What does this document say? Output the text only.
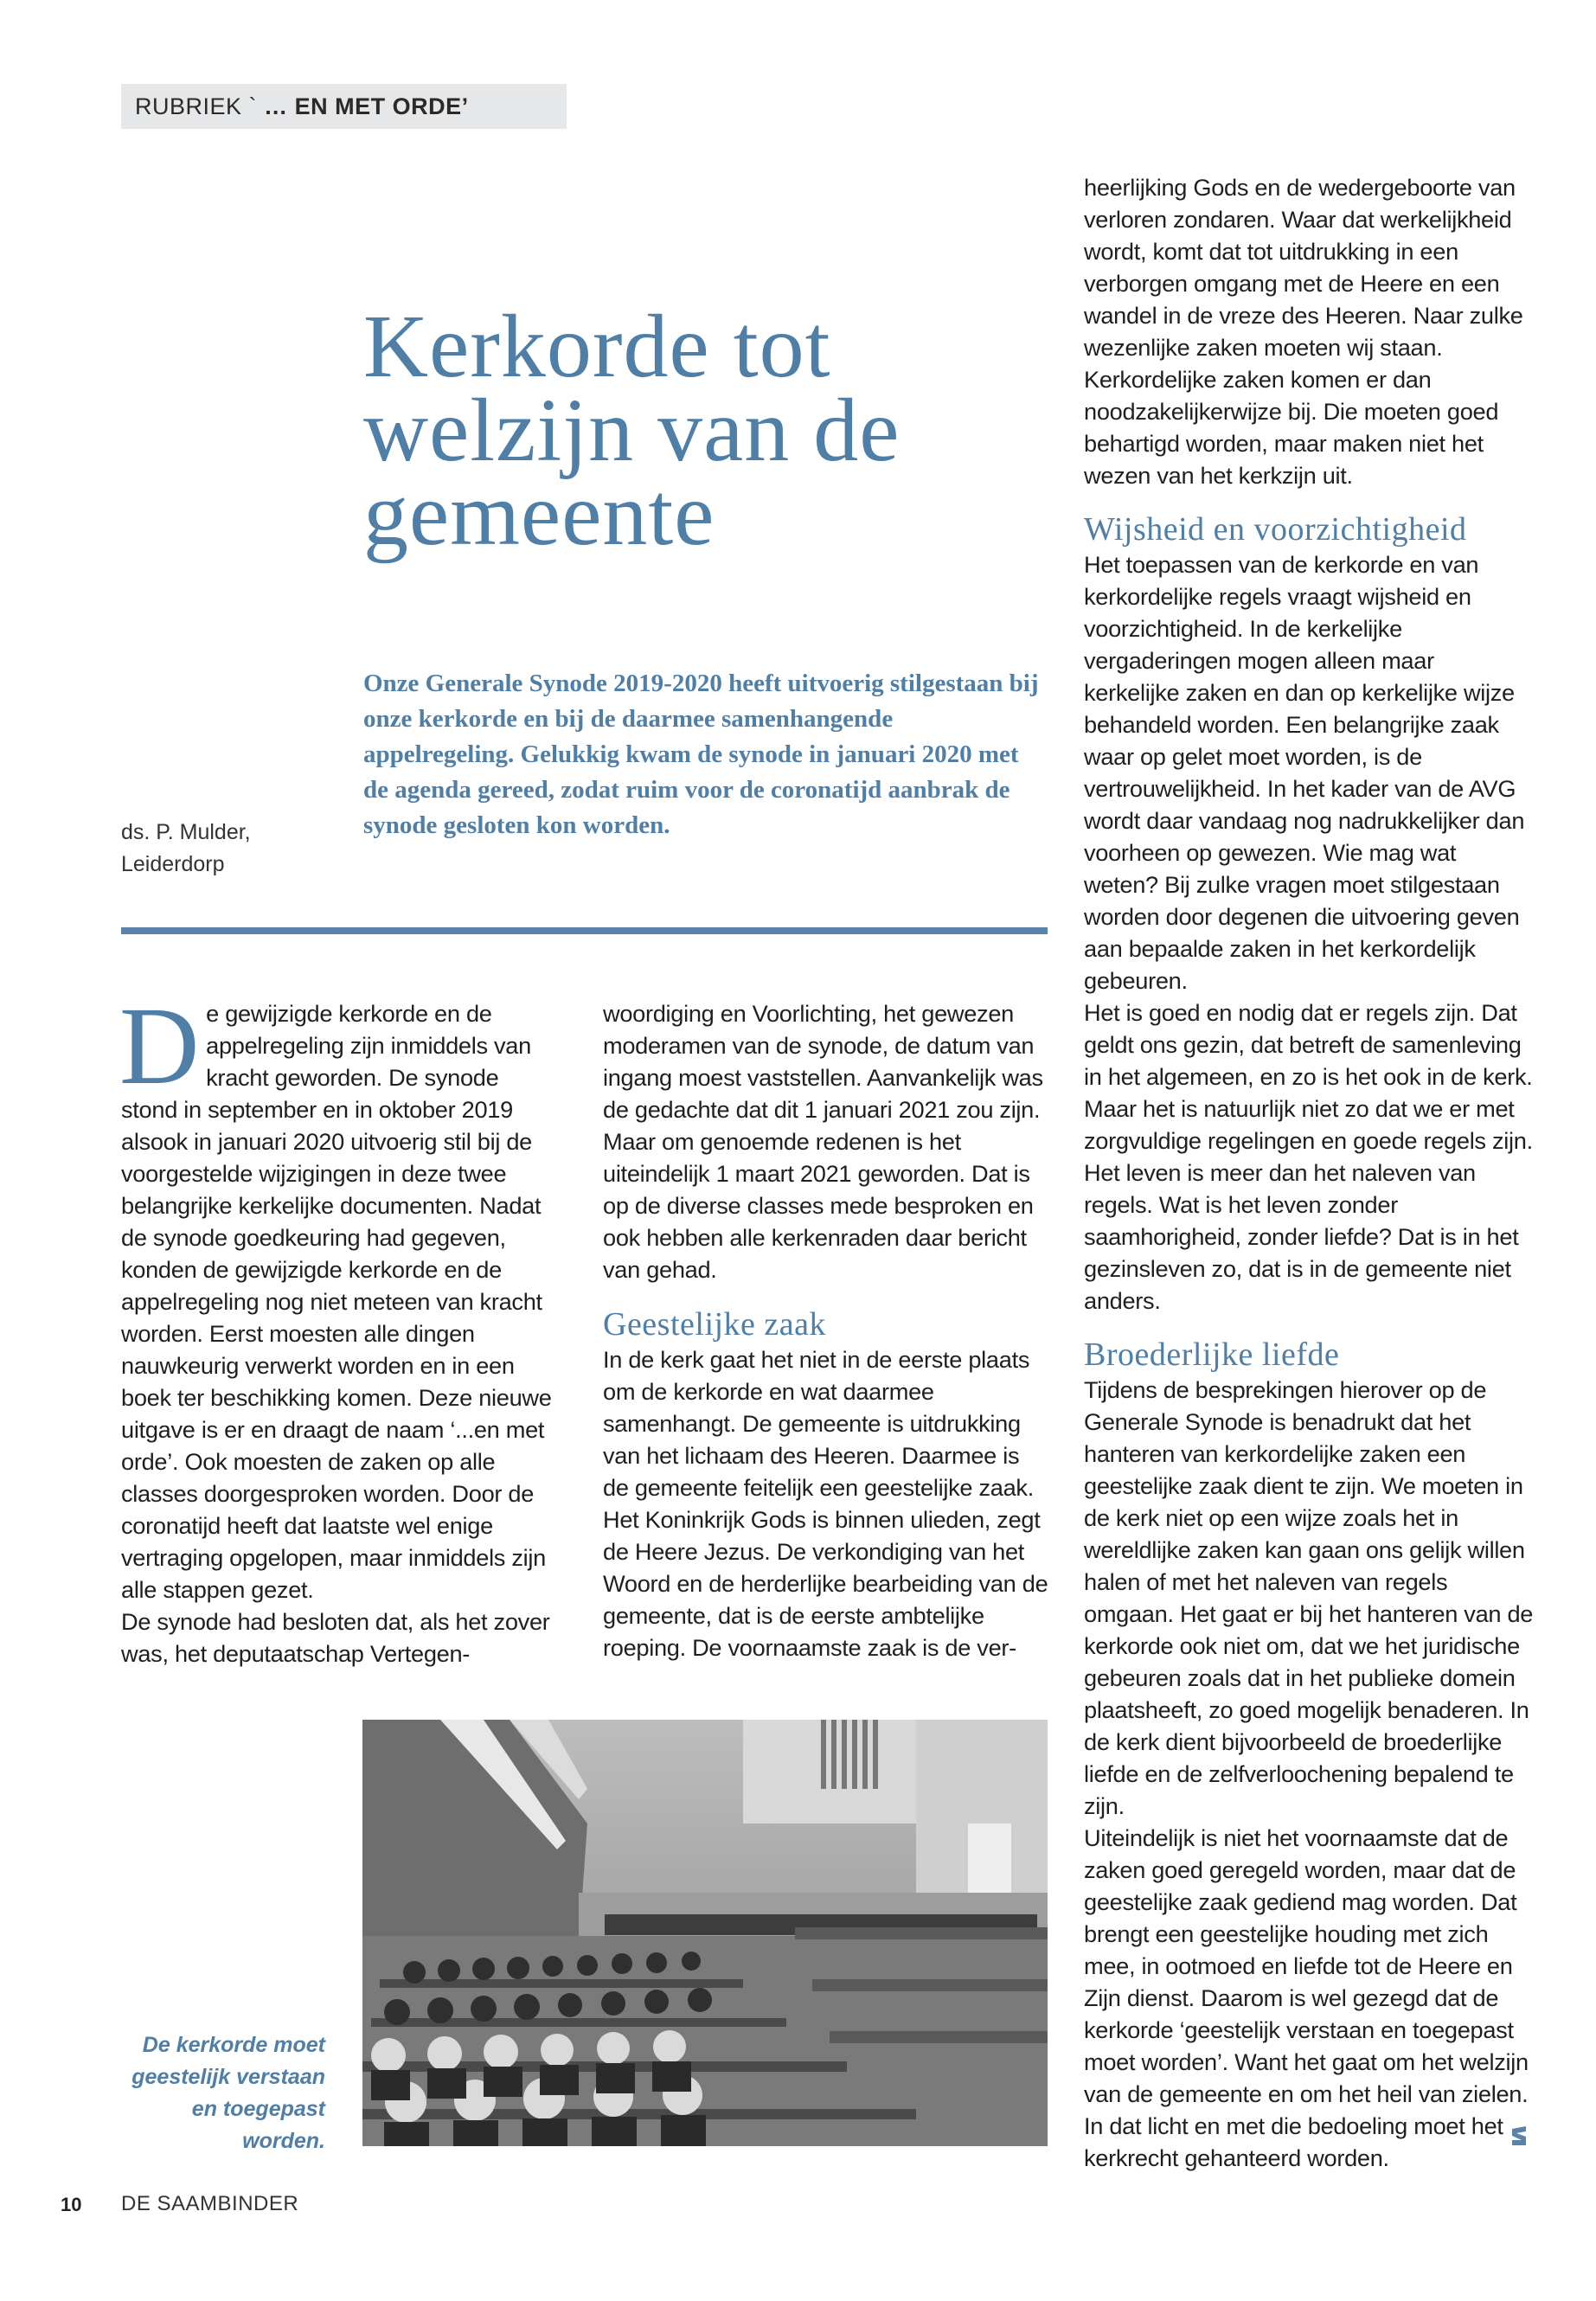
RUBRIEK ` … EN MET ORDE’
Kerkorde tot welzijn van de gemeente

Onze Generale Synode 2019-2020 heeft uitvoerig stilgestaan bij onze kerkorde en bij de daarmee samenhangende appelregeling. Gelukkig kwam de synode in januari 2020 met de agenda gereed, zodat ruim voor de coronatijd aanbrak de synode gesloten kon worden.

ds. P. Mulder,
Leiderdorp
D e gewijzigde kerkorde en de appelregeling zijn inmiddels van kracht geworden. De synode stond in september en in oktober 2019 alsook in januari 2020 uitvoerig stil bij de voorgestelde wijzigingen in deze twee belangrijke kerkelijke documenten. Nadat de synode goedkeuring had gegeven, konden de gewijzigde kerkorde en de appelregeling nog niet meteen van kracht worden. Eerst moesten alle dingen nauwkeurig verwerkt worden en in een boek ter beschikking komen. Deze nieuwe uitgave is er en draagt de naam ‘...en met orde’. Ook moesten de zaken op alle classes doorgesproken worden. Door de coronatijd heeft dat laatste wel enige vertraging opgelopen, maar inmiddels zijn alle stappen gezet.

De synode had besloten dat, als het zover was, het deputaatschap Vertegen-

woordiging en Voorlichting, het gewezen moderamen van de synode, de datum van ingang moest vaststellen. Aanvankelijk was de gedachte dat dit 1 januari 2021 zou zijn. Maar om genoemde redenen is het uiteindelijk 1 maart 2021 geworden. Dat is op de diverse classes mede besproken en ook hebben alle kerkenraden daar bericht van gehad.

Geestelijke zaak

In de kerk gaat het niet in de eerste plaats om de kerkorde en wat daarmee samenhangt. De gemeente is uitdrukking van het lichaam des Heeren. Daarmee is de gemeente feitelijk een geestelijke zaak. Het Koninkrijk Gods is binnen ulieden, zegt de Heere Jezus. De verkondiging van het Woord en de herderlijke bearbeiding van de gemeente, dat is de eerste ambtelijke roeping. De voornaamste zaak is de ver-

heerlijking Gods en de wedergeboorte van verloren zondaren. Waar dat werkelijkheid wordt, komt dat tot uitdrukking in een verborgen omgang met de Heere en een wandel in de vreze des Heeren. Naar zulke wezenlijke zaken moeten wij staan. Kerkordelijke zaken komen er dan noodzakelijkerwijze bij. Die moeten goed behartigd worden, maar maken niet het wezen van het kerkzijn uit.

Wijsheid en voorzichtigheid

Het toepassen van de kerkorde en van kerkordelijke regels vraagt wijsheid en voorzichtigheid. In de kerkelijke vergaderingen mogen alleen maar kerkelijke zaken en dan op kerkelijke wijze behandeld worden. Een belangrijke zaak waar op gelet moet worden, is de vertrouwelijkheid. In het kader van de AVG wordt daar vandaag nog nadrukkelijker dan voorheen op gewezen. Wie mag wat weten? Bij zulke vragen moet stilgestaan worden door degenen die uitvoering geven aan bepaalde zaken in het kerkordelijk gebeuren.

Het is goed en nodig dat er regels zijn. Dat geldt ons gezin, dat betreft de samenleving in het algemeen, en zo is het ook in de kerk. Maar het is natuurlijk niet zo dat we er met zorgvuldige regelingen en goede regels zijn. Het leven is meer dan het naleven van regels. Wat is het leven zonder saamhorigheid, zonder liefde? Dat is in het gezinsleven zo, dat is in de gemeente niet anders.

Broederlijke liefde

Tijdens de besprekingen hierover op de Generale Synode is benadrukt dat het hanteren van kerkordelijke zaken een geestelijke zaak dient te zijn. We moeten in de kerk niet op een wijze zoals het in wereldlijke zaken kan gaan ons gelijk willen halen of met het naleven van regels omgaan. Het gaat er bij het hanteren van de kerkorde ook niet om, dat we het juridische gebeuren zoals dat in het publieke domein plaatsheeft, zo goed mogelijk benaderen. In de kerk dient bijvoorbeeld de broederlijke liefde en de zelfverloochening bepalend te zijn.

Uiteindelijk is niet het voornaamste dat de zaken goed geregeld worden, maar dat de geestelijke zaak gediend mag worden. Dat brengt een geestelijke houding met zich mee, in ootmoed en liefde tot de Heere en Zijn dienst. Daarom is wel gezegd dat de kerkorde ‘geestelijk verstaan en toegepast moet worden’. Want het gaat om het welzijn van de gemeente en om het heil van zielen. In dat licht en met die bedoeling moet het kerkrecht gehanteerd worden.

De kerkorde moet geestelijk verstaan en toegepast worden.
10 DE SAAMBINDER
